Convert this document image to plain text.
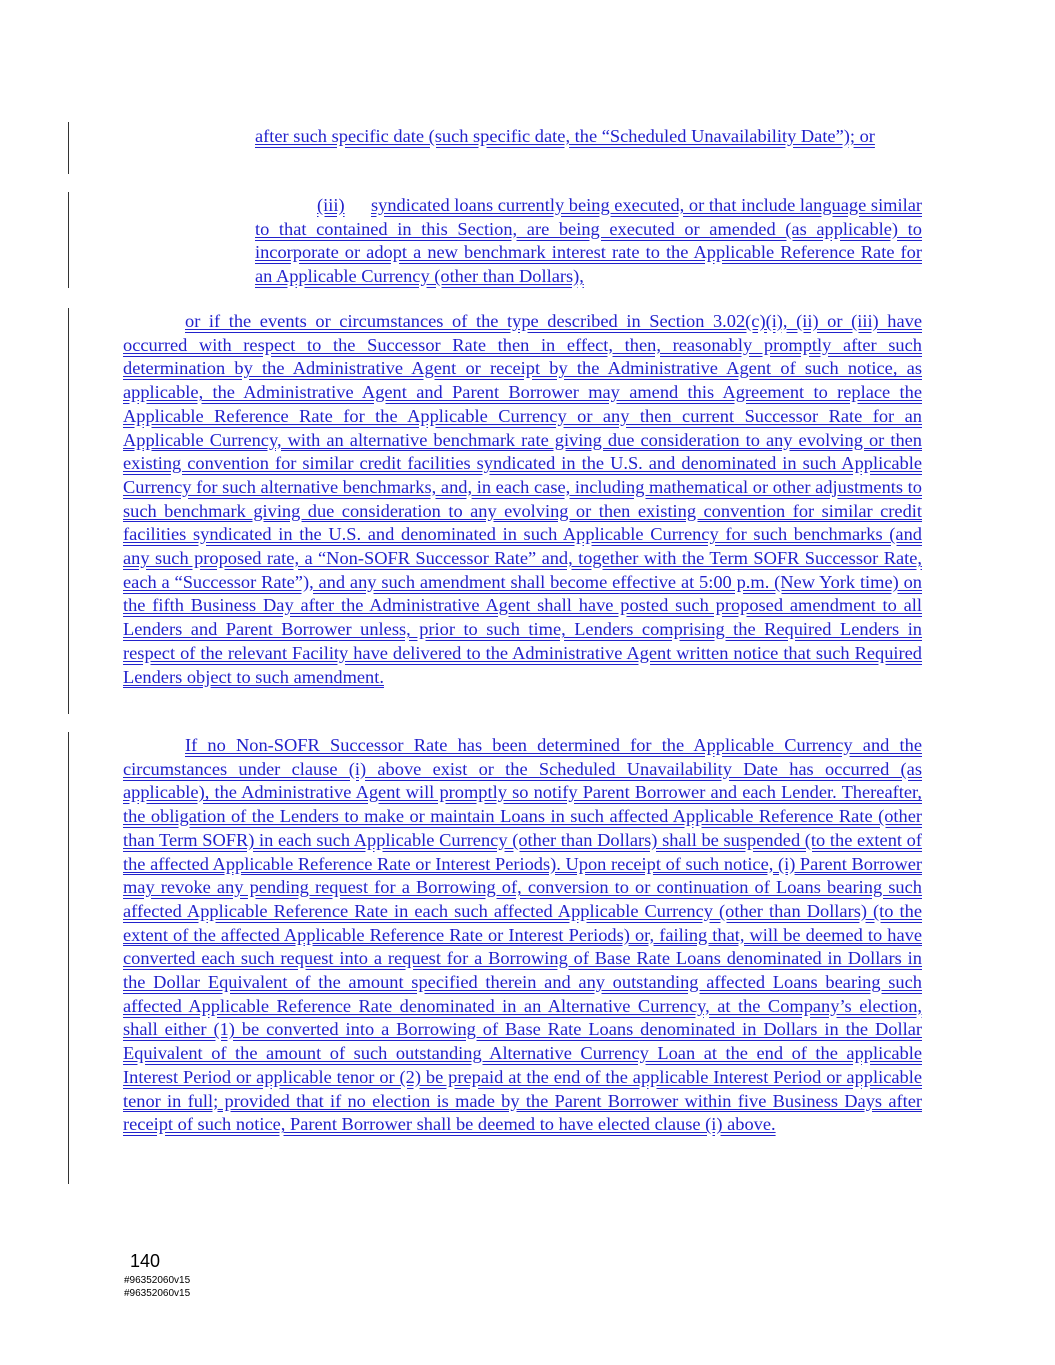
after such specific date (such specific date, the “Scheduled Unavailability Date”); or
(iii) syndicated loans currently being executed, or that include language similar to that contained in this Section, are being executed or amended (as applicable) to incorporate or adopt a new benchmark interest rate to the Applicable Reference Rate for an Applicable Currency (other than Dollars),
or if the events or circumstances of the type described in Section 3.02(c)(i), (ii) or (iii) have occurred with respect to the Successor Rate then in effect, then, reasonably promptly after such determination by the Administrative Agent or receipt by the Administrative Agent of such notice, as applicable, the Administrative Agent and Parent Borrower may amend this Agreement to replace the Applicable Reference Rate for the Applicable Currency or any then current Successor Rate for an Applicable Currency, with an alternative benchmark rate giving due consideration to any evolving or then existing convention for similar credit facilities syndicated in the U.S. and denominated in such Applicable Currency for such alternative benchmarks, and, in each case, including mathematical or other adjustments to such benchmark giving due consideration to any evolving or then existing convention for similar credit facilities syndicated in the U.S. and denominated in such Applicable Currency for such benchmarks (and any such proposed rate, a “Non-SOFR Successor Rate” and, together with the Term SOFR Successor Rate, each a “Successor Rate”), and any such amendment shall become effective at 5:00 p.m. (New York time) on the fifth Business Day after the Administrative Agent shall have posted such proposed amendment to all Lenders and Parent Borrower unless, prior to such time, Lenders comprising the Required Lenders in respect of the relevant Facility have delivered to the Administrative Agent written notice that such Required Lenders object to such amendment.
If no Non-SOFR Successor Rate has been determined for the Applicable Currency and the circumstances under clause (i) above exist or the Scheduled Unavailability Date has occurred (as applicable), the Administrative Agent will promptly so notify Parent Borrower and each Lender. Thereafter, the obligation of the Lenders to make or maintain Loans in such affected Applicable Reference Rate (other than Term SOFR) in each such Applicable Currency (other than Dollars) shall be suspended (to the extent of the affected Applicable Reference Rate or Interest Periods). Upon receipt of such notice, (i) Parent Borrower may revoke any pending request for a Borrowing of, conversion to or continuation of Loans bearing such affected Applicable Reference Rate in each such affected Applicable Currency (other than Dollars) (to the extent of the affected Applicable Reference Rate or Interest Periods) or, failing that, will be deemed to have converted each such request into a request for a Borrowing of Base Rate Loans denominated in Dollars in the Dollar Equivalent of the amount specified therein and any outstanding affected Loans bearing such affected Applicable Reference Rate denominated in an Alternative Currency, at the Company’s election, shall either (1) be converted into a Borrowing of Base Rate Loans denominated in Dollars in the Dollar Equivalent of the amount of such outstanding Alternative Currency Loan at the end of the applicable Interest Period or applicable tenor or (2) be prepaid at the end of the applicable Interest Period or applicable tenor in full; provided that if no election is made by the Parent Borrower within five Business Days after receipt of such notice, Parent Borrower shall be deemed to have elected clause (i) above.
140
#96352060v15
#96352060v15
